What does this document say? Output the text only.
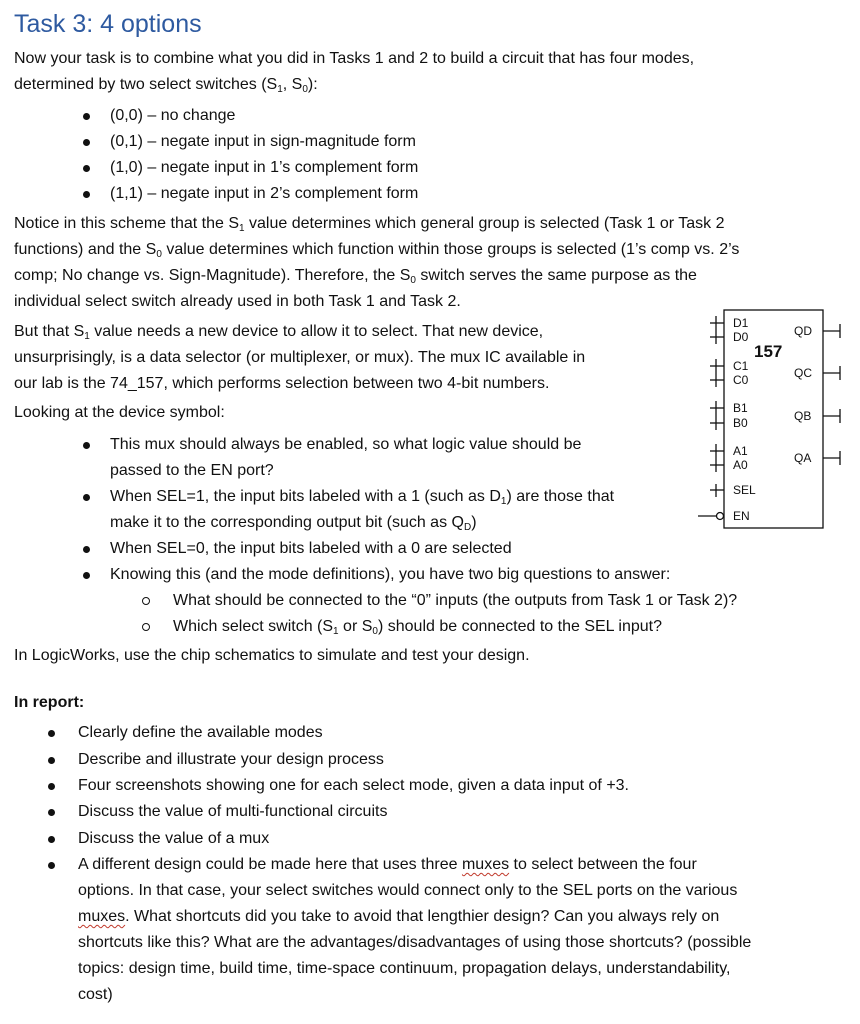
Task 3: 4 options

Now your task is to combine what you did in Tasks 1 and 2 to build a circuit that has four modes,

determined by two select switches ($S_1$, $S_0$):

(0,0) – no change
(0,1) – negate input in sign-magnitude form
(1,0) – negate input in 1’s complement form
(1,1) – negate input in 2’s complement form

Notice in this scheme that the $S_1$ value determines which general group is selected (Task 1 or Task 2

functions) and the $S_0$ value determines which function within those groups is selected (1’s comp vs. 2’s

comp; No change vs. Sign-Magnitude). Therefore, the $S_0$ switch serves the same purpose as the

individual select switch already used in both Task 1 and Task 2.

But that $S_1$ value needs a new device to allow it to select. That new device,

unsurprisingly, is a data selector (or multiplexer, or mux). The mux IC available in

our lab is the 74_157, which performs selection between two 4-bit numbers.

Looking at the device symbol:
This mux should always be enabled, so what logic value should be
passed to the EN port?
When SEL=1, the input bits labeled with a 1 (such as $D_1$) are those that
make it to the corresponding output bit (such as $Q_D$)
When SEL=0, the input bits labeled with a 0 are selected
Knowing this (and the mode definitions), you have two big questions to answer:
What should be connected to the “0” inputs (the outputs from Task 1 or Task 2)?
Which select switch ($S_1$ or $S_0$) should be connected to the SEL input?
In LogicWorks, use the chip schematics to simulate and test your design.
In report:
Clearly define the available modes
Describe and illustrate your design process
Four screenshots showing one for each select mode, given a data input of +3.
Discuss the value of multi-functional circuits
Discuss the value of a mux

A different design could be made here that uses three muxes to select between the four

options. In that case, your select switches would connect only to the SEL ports on the various

muxes. What shortcuts did you take to avoid that lengthier design? Can you always rely on

shortcuts like this? What are the advantages/disadvantages of using those shortcuts? (possible

topics: design time, build time, time-space continuum, propagation delays, understandability,

cost)

D1
D0
C1
C0
B1
B0
A1
A0
SEL
EN
QD
QC
QB
QA
157
